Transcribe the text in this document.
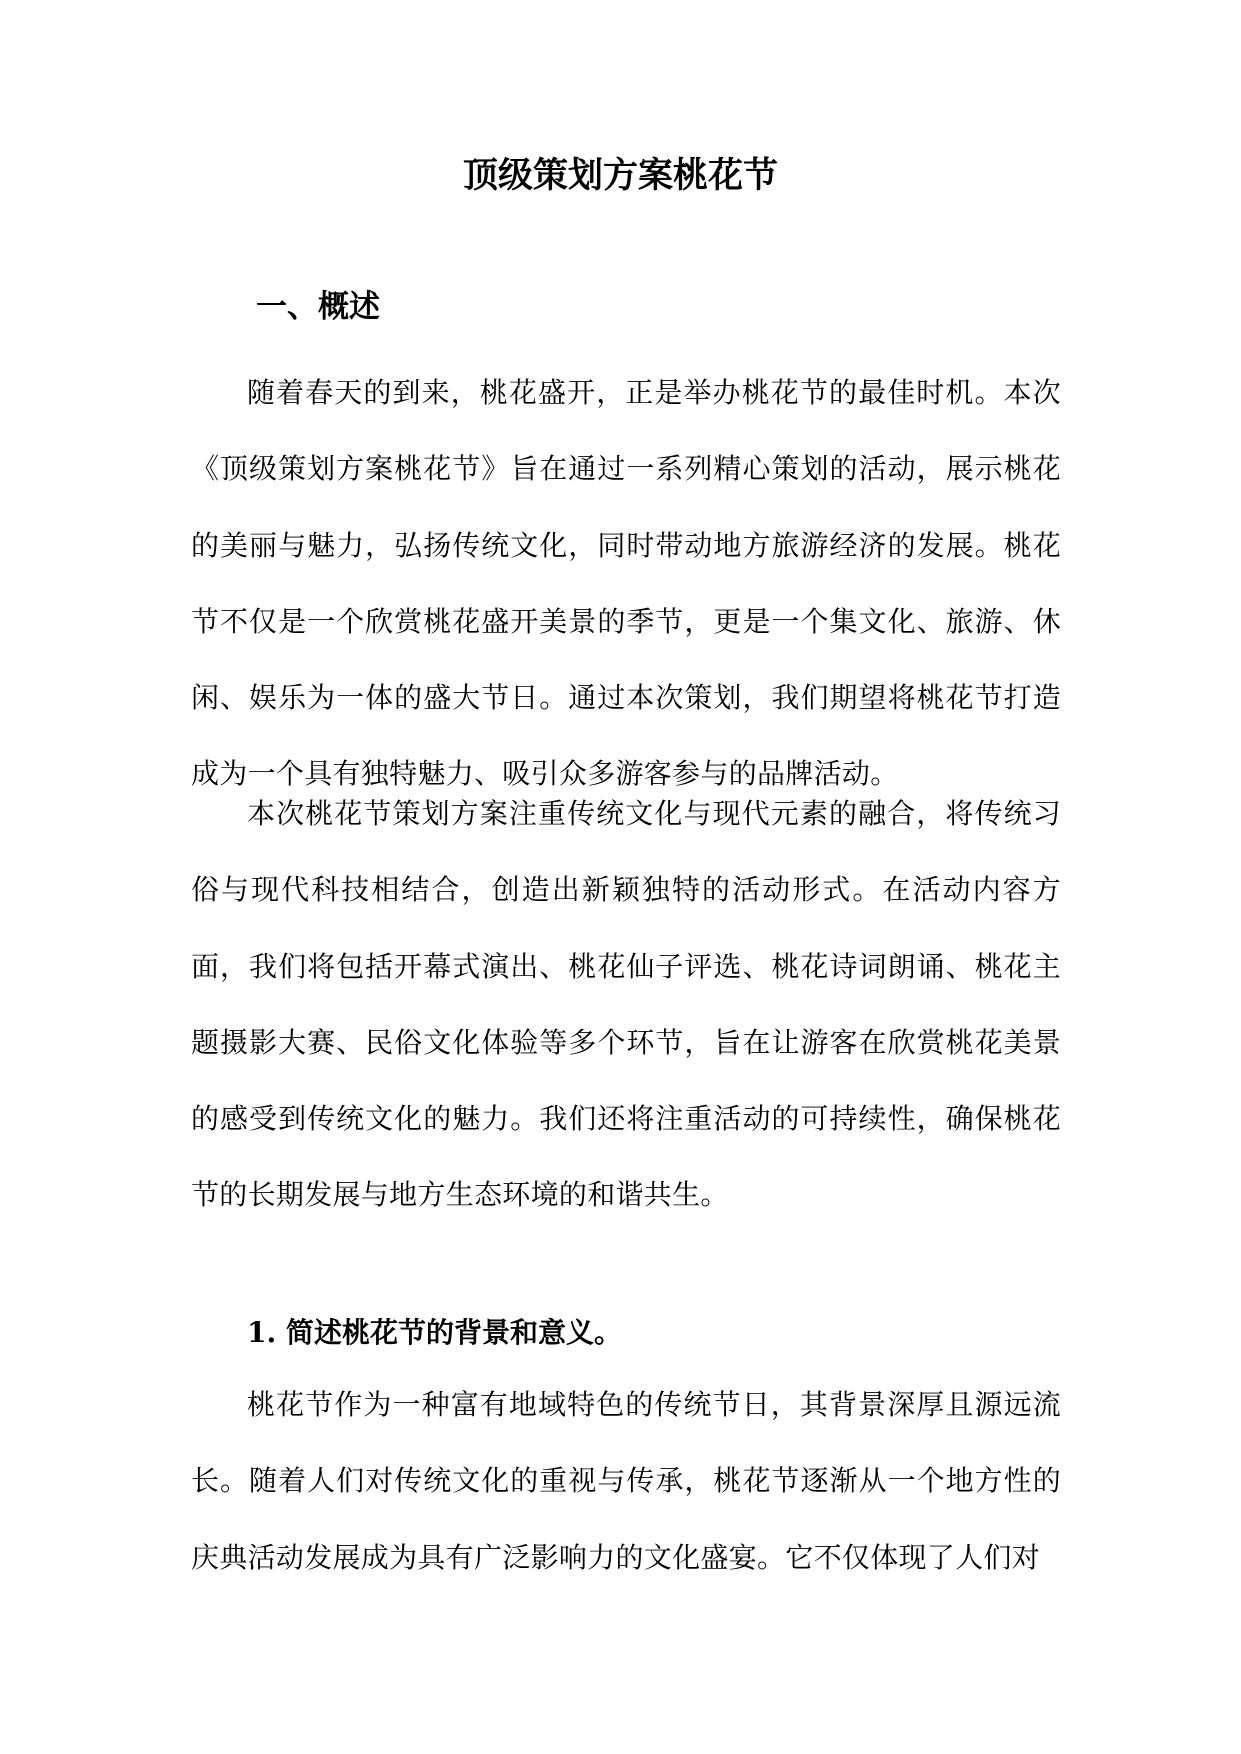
顶级策划方案桃花节
一、概述

随着春天的到来，桃花盛开，正是举办桃花节的最佳时机。本次《顶级策划方案桃花节》旨在通过一系列精心策划的活动，展示桃花的美丽与魅力，弘扬传统文化，同时带动地方旅游经济的发展。桃花节不仅是一个欣赏桃花盛开美景的季节，更是一个集文化、旅游、休闲、娱乐为一体的盛大节日。通过本次策划，我们期望将桃花节打造成为一个具有独特魅力、吸引众多游客参与的品牌活动。

本次桃花节策划方案注重传统文化与现代元素的融合，将传统习俗与现代科技相结合，创造出新颖独特的活动形式。在活动内容方面，我们将包括开幕式演出、桃花仙子评选、桃花诗词朗诵、桃花主题摄影大赛、民俗文化体验等多个环节，旨在让游客在欣赏桃花美景的感受到传统文化的魅力。我们还将注重活动的可持续性，确保桃花节的长期发展与地方生态环境的和谐共生。

1. 简述桃花节的背景和意义。

桃花节作为一种富有地域特色的传统节日，其背景深厚且源远流长。随着人们对传统文化的重视与传承，桃花节逐渐从一个地方性的庆典活动发展成为具有广泛影响力的文化盛宴。它不仅体现了人们对
